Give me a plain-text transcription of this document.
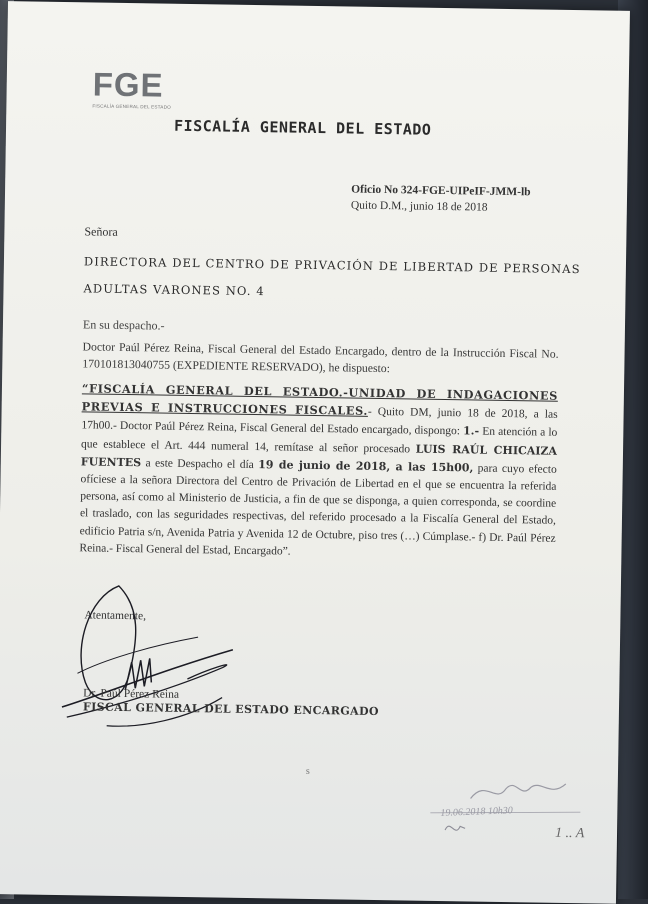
FGE
FISCALÍA GENERAL DEL ESTADO
FISCALÍA GENERAL DEL ESTADO
Oficio No 324-FGE-UIPeIF-JMM-lb
Quito D.M., junio 18 de 2018
Señora
DIRECTORA DEL CENTRO DE PRIVACIÓN DE LIBERTAD DE PERSONAS
ADULTAS VARONES NO. 4
En su despacho.-
Doctor Paúl Pérez Reina, Fiscal General del Estado Encargado, dentro de la Instrucción Fiscal No. 170101813040755 (EXPEDIENTE RESERVADO), he dispuesto:
“FISCALÍA GENERAL DEL ESTADO.-UNIDAD DE INDAGACIONES PREVIAS E INSTRUCCIONES FISCALES.- Quito DM, junio 18 de 2018, a las 17h00.- Doctor Paúl Pérez Reina, Fiscal General del Estado encargado, dispongo: 1.- En atención a lo que establece el Art. 444 numeral 14, remítase al señor procesado LUIS RAÚL CHICAIZA FUENTES a este Despacho el día 19 de junio de 2018, a las 15h00, para cuyo efecto ofíciese a la señora Directora del Centro de Privación de Libertad en el que se encuentra la referida persona, así como al Ministerio de Justicia, a fin de que se disponga, a quien corresponda, se coordine el traslado, con las seguridades respectivas, del referido procesado a la Fiscalía General del Estado, edificio Patria s/n, Avenida Patria y Avenida 12 de Octubre, piso tres (…) Cúmplase.- f) Dr. Paúl Pérez Reina.- Fiscal General del Estad, Encargado”.
Atentamente,
Dr. Paúl Pérez Reina
FISCAL GENERAL DEL ESTADO ENCARGADO
s
19.06.2018 10h30
1 .. A
